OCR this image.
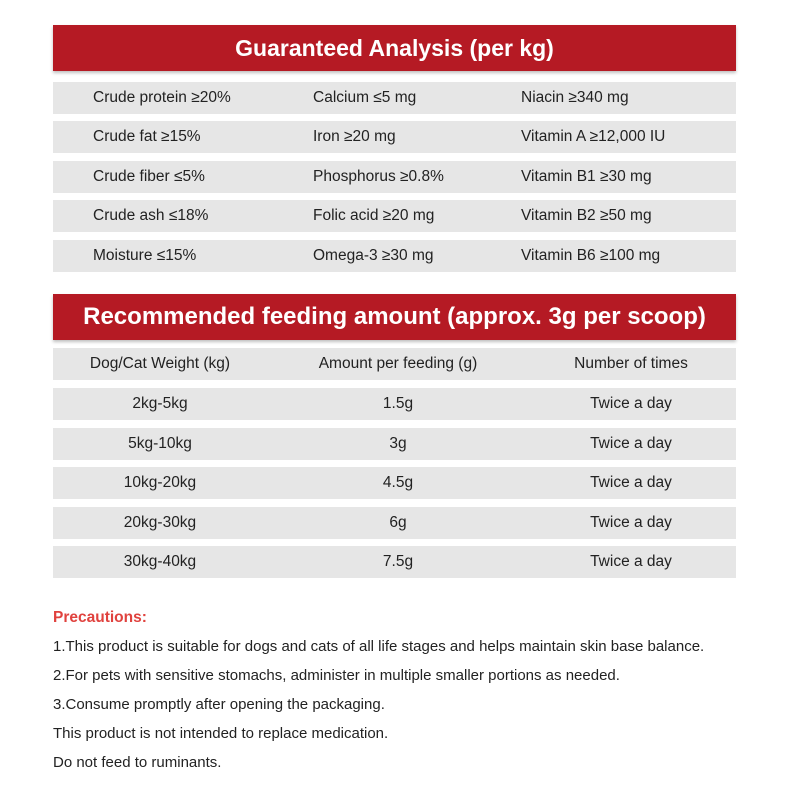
Guaranteed Analysis (per kg)
Crude protein ≥20%	Calcium ≤5 mg	Niacin ≥340 mg
Crude fat ≥15%	Iron ≥20 mg	Vitamin A ≥12,000 IU
Crude fiber ≤5%	Phosphorus ≥0.8%	Vitamin B1 ≥30 mg
Crude ash ≤18%	Folic acid ≥20 mg	Vitamin B2 ≥50 mg
Moisture ≤15%	Omega-3 ≥30 mg	Vitamin B6 ≥100 mg
Recommended feeding amount (approx. 3g per scoop)
Dog/Cat Weight (kg)	Amount per feeding (g)	Number of times
2kg-5kg	1.5g	Twice a day
5kg-10kg	3g	Twice a day
10kg-20kg	4.5g	Twice a day
20kg-30kg	6g	Twice a day
30kg-40kg	7.5g	Twice a day
Precautions:
1.This product is suitable for dogs and cats of all life stages and helps maintain skin base balance.
2.For pets with sensitive stomachs, administer in multiple smaller portions as needed.
3.Consume promptly after opening the packaging.
This product is not intended to replace medication.
Do not feed to ruminants.
